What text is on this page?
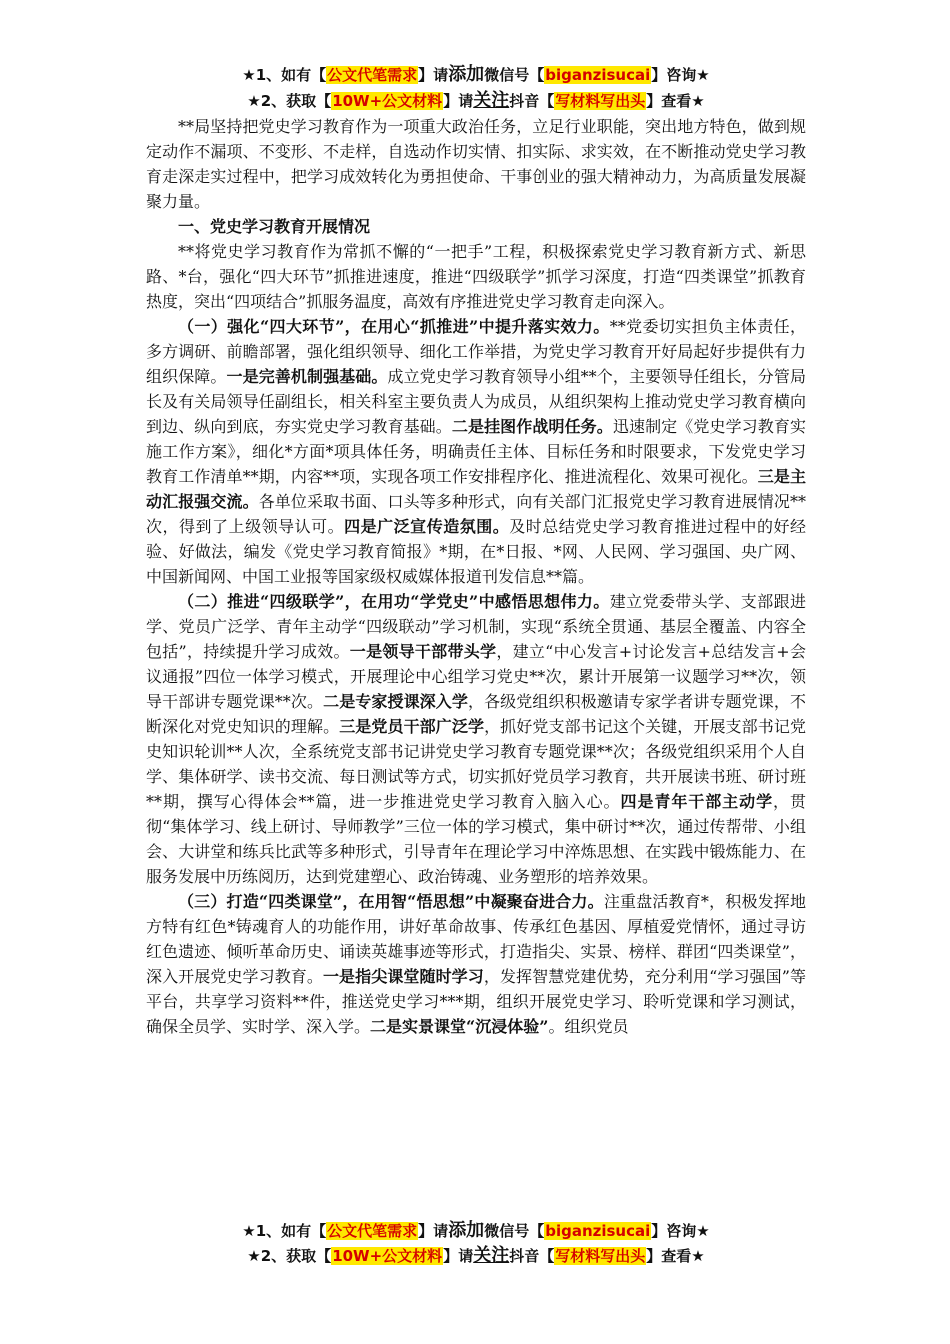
★1、如有【公文代笔需求】请添加微信号【biganzisucai】咨询★
★2、获取【10W+公文材料】请关注抖音【写材料写出头】查看★

**局坚持把党史学习教育作为一项重大政治任务，立足行业职能，突出地方特色，做到规定动作不漏项、不变形、不走样，自选动作切实情、扣实际、求实效，在不断推动党史学习教育走深走实过程中，把学习成效转化为勇担使命、干事创业的强大精神动力，为高质量发展凝聚力量。

一、党史学习教育开展情况

**将党史学习教育作为常抓不懈的“一把手”工程，积极探索党史学习教育新方式、新思路、*台，强化“四大环节”抓推进速度，推进“四级联学”抓学习深度，打造“四类课堂”抓教育热度，突出“四项结合”抓服务温度，高效有序推进党史学习教育走向深入。

（一）强化“四大环节”，在用心“抓推进”中提升落实效力。**党委切实担负主体责任，多方调研、前瞻部署，强化组织领导、细化工作举措，为党史学习教育开好局起好步提供有力组织保障。一是完善机制强基础。成立党史学习教育领导小组**个，主要领导任组长，分管局长及有关局领导任副组长，相关科室主要负责人为成员，从组织架构上推动党史学习教育横向到边、纵向到底，夯实党史学习教育基础。二是挂图作战明任务。迅速制定《党史学习教育实施工作方案》，细化*方面*项具体任务，明确责任主体、目标任务和时限要求，下发党史学习教育工作清单**期，内容**项，实现各项工作安排程序化、推进流程化、效果可视化。三是主动汇报强交流。各单位采取书面、口头等多种形式，向有关部门汇报党史学习教育进展情况**次，得到了上级领导认可。四是广泛宣传造氛围。及时总结党史学习教育推进过程中的好经验、好做法，编发《党史学习教育简报》*期，在*日报、*网、人民网、学习强国、央广网、中国新闻网、中国工业报等国家级权威媒体报道刊发信息**篇。

（二）推进“四级联学”，在用功“学党史”中感悟思想伟力。建立党委带头学、支部跟进学、党员广泛学、青年主动学“四级联动”学习机制，实现“系统全贯通、基层全覆盖、内容全包括”，持续提升学习成效。一是领导干部带头学，建立“中心发言+讨论发言+总结发言+会议通报”四位一体学习模式，开展理论中心组学习党史**次，累计开展第一议题学习**次，领导干部讲专题党课**次。二是专家授课深入学，各级党组织积极邀请专家学者讲专题党课，不断深化对党史知识的理解。三是党员干部广泛学，抓好党支部书记这个关键，开展支部书记党史知识轮训**人次，全系统党支部书记讲党史学习教育专题党课**次；各级党组织采用个人自学、集体研学、读书交流、每日测试等方式，切实抓好党员学习教育，共开展读书班、研讨班**期，撰写心得体会**篇，进一步推进党史学习教育入脑入心。四是青年干部主动学，贯彻“集体学习、线上研讨、导师教学”三位一体的学习模式，集中研讨**次，通过传帮带、小组会、大讲堂和练兵比武等多种形式，引导青年在理论学习中淬炼思想、在实践中锻炼能力、在服务发展中历练阅历，达到党建塑心、政治铸魂、业务塑形的培养效果。

（三）打造“四类课堂”，在用智“悟思想”中凝聚奋进合力。注重盘活教育*，积极发挥地方特有红色*铸魂育人的功能作用，讲好革命故事、传承红色基因、厚植爱党情怀，通过寻访红色遗迹、倾听革命历史、诵读英雄事迹等形式，打造指尖、实景、榜样、群团“四类课堂”，深入开展党史学习教育。一是指尖课堂随时学习，发挥智慧党建优势，充分利用“学习强国”等平台，共享学习资料**件，推送党史学习***期，组织开展党史学习、聆听党课和学习测试，确保全员学、实时学、深入学。二是实景课堂“沉浸体验”。组织党员

★1、如有【公文代笔需求】请添加微信号【biganzisucai】咨询★
★2、获取【10W+公文材料】请关注抖音【写材料写出头】查看★
